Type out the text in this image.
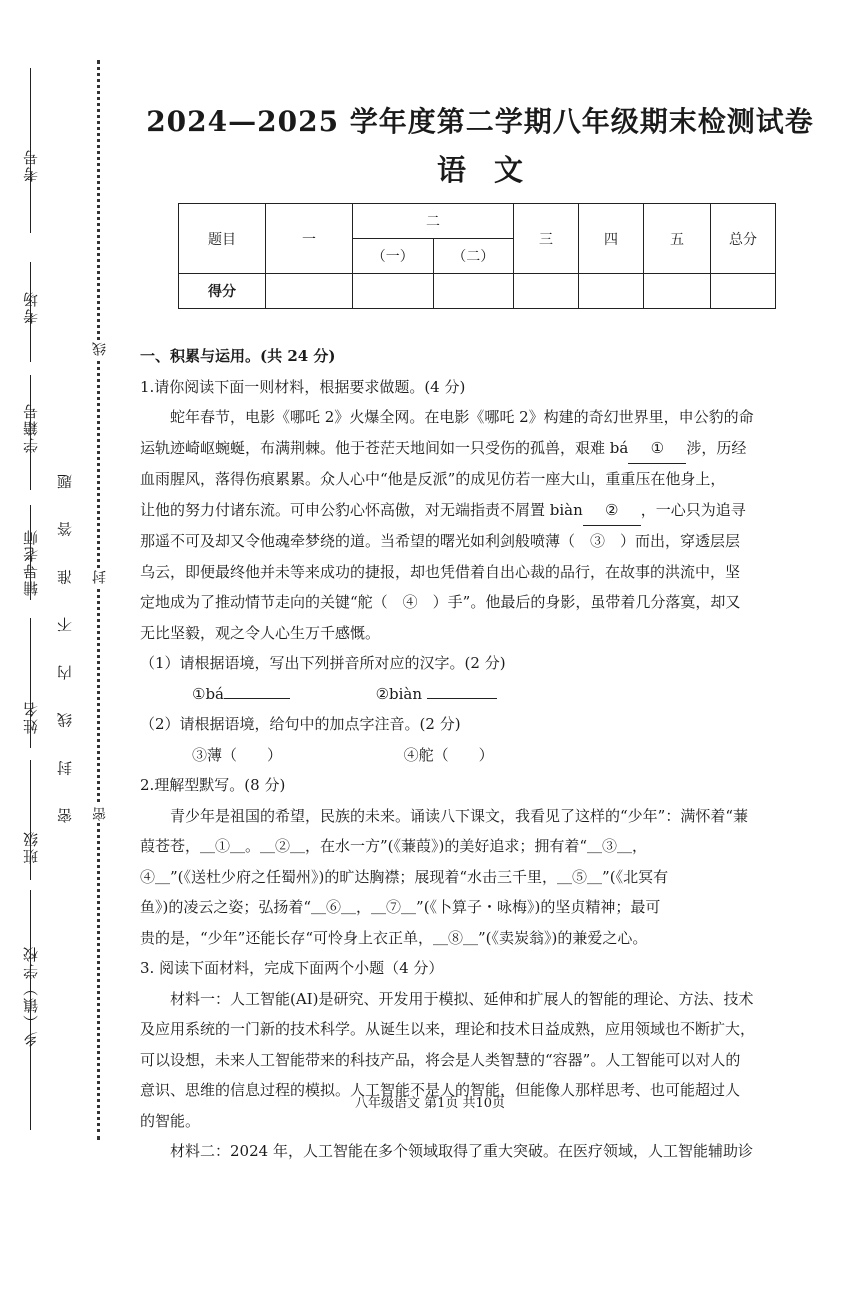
考号
考场
学籍号
辅导老师
姓名
班级
乡（镇）学校
密 封 线 内 不 准 答 题
线
封
密
2024—2025 学年度第二学期八年级期末检测试卷
语文
题目	一	二		三	四	五	总分
		（一）	（二）				
得分							

一、积累与运用。(共 24 分)

1.请你阅读下面一则材料，根据要求做题。(4 分)

蛇年春节，电影《哪吒 2》火爆全网。在电影《哪吒 2》构建的奇幻世界里，申公豹的命

运轨迹崎岖蜿蜒，布满荆棘。他于苍茫天地间如一只受伤的孤兽，艰难 bá ① 涉，历经

血雨腥风，落得伤痕累累。众人心中“他是反派”的成见仿若一座大山，重重压在他身上，

让他的努力付诸东流。可申公豹心怀高傲，对无端指责不屑置 biàn ② ，一心只为追寻

那遥不可及却又令他魂牵梦绕的道。当希望的曙光如利剑般喷薄（　③　）而出，穿透层层

乌云，即便最终他并未等来成功的捷报，却也凭借着自出心裁的品行，在故事的洪流中，坚

定地成为了推动情节走向的关键“舵（　④　）手”。他最后的身影，虽带着几分落寞，却又

无比坚毅，观之令人心生万千感慨。

（1）请根据语境，写出下列拼音所对应的汉字。(2 分)

①bá	②biàn

（2）请根据语境，给句中的加点字注音。(2 分)

③薄（　　）	④舵（　　）

2.理解型默写。(8 分)

青少年是祖国的希望，民族的未来。诵读八下课文，我看见了这样的“少年”：满怀着“蒹

葭苍苍，＿①＿。＿②＿，在水一方”(《蒹葭》)的美好追求；拥有着“＿③＿，

④＿”(《送杜少府之任蜀州》)的旷达胸襟；展现着“水击三千里，＿⑤＿”(《北冥有

鱼》)的凌云之姿；弘扬着“＿⑥＿，＿⑦＿”(《卜算子・咏梅》)的坚贞精神；最可

贵的是，“少年”还能长存“可怜身上衣正单，＿⑧＿”(《卖炭翁》)的兼爱之心。

3. 阅读下面材料，完成下面两个小题（4 分）

材料一：人工智能(AI)是研究、开发用于模拟、延伸和扩展人的智能的理论、方法、技术

及应用系统的一门新的技术科学。从诞生以来，理论和技术日益成熟，应用领域也不断扩大，

可以设想，未来人工智能带来的科技产品，将会是人类智慧的“容器”。人工智能可以对人的

意识、思维的信息过程的模拟。人工智能不是人的智能，但能像人那样思考、也可能超过人

的智能。

材料二：2024 年，人工智能在多个领域取得了重大突破。在医疗领域，人工智能辅助诊

八年级语文 第1页 共10页
